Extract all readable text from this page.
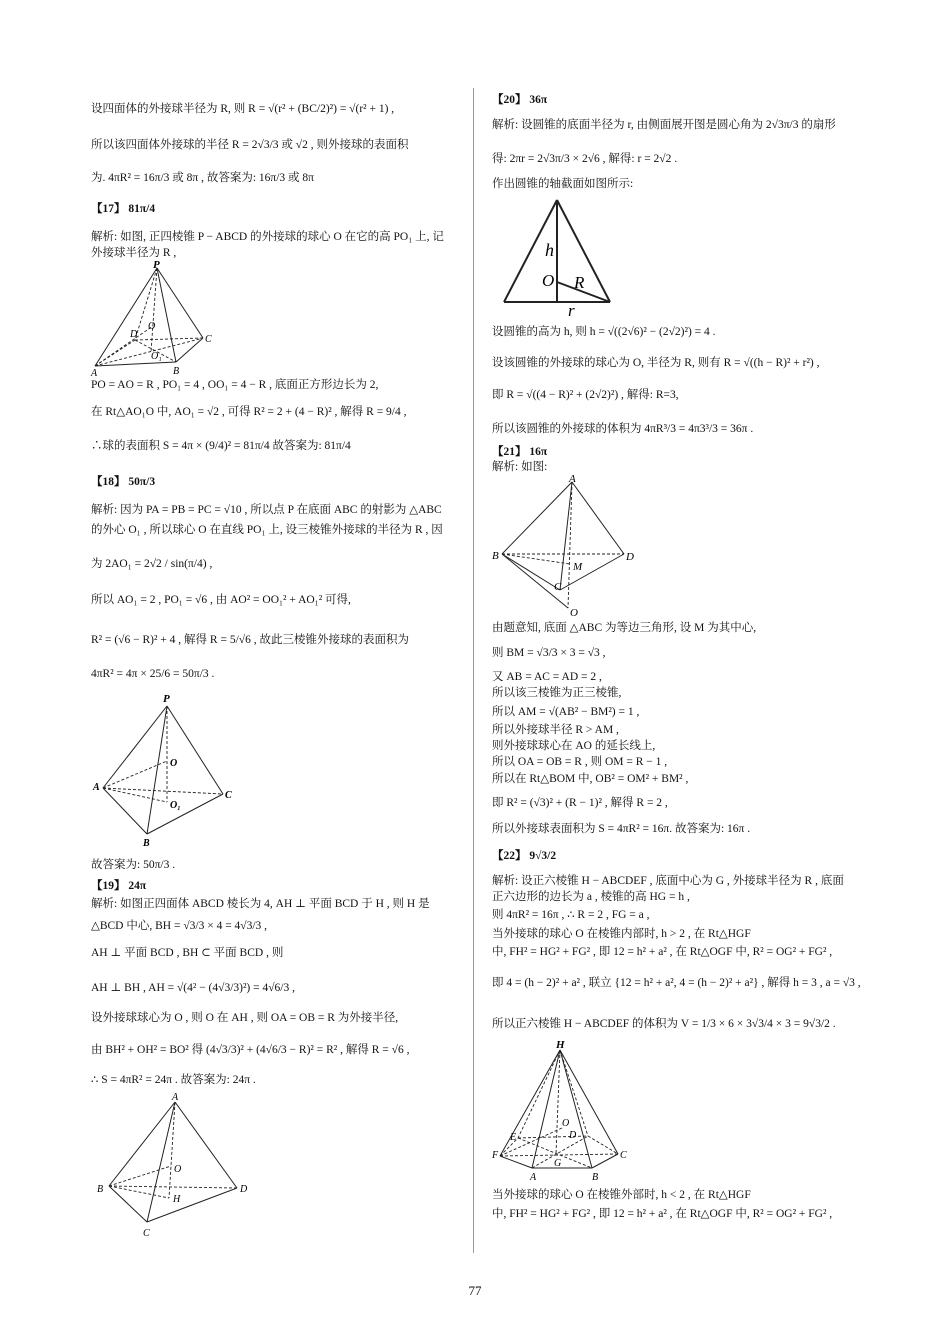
设四面体的外接球半径为 R, 则 R = √(r² + (BC/2)²) = √(r² + 1) ,
所以该四面体外接球的半径 R = 2√3/3 或 √2 , 则外接球的表面积
为. 4πR² = 16π/3 或 8π , 故答案为: 16π/3 或 8π
【17】 81π/4
解析: 如图, 正四棱锥 P − ABCD 的外接球的球心 O 在它的高 PO₁ 上, 记
外接球半径为 R ,
P
O
D	C
O₁
A	B
PO = AO = R , PO₁ = 4 , OO₁ = 4 − R , 底面正方形边长为 2,
在 Rt△AO₁O 中, AO₁ = √2 , 可得 R² = 2 + (4 − R)² , 解得 R = 9/4 ,
∴球的表面积 S = 4π × (9/4)² = 81π/4 故答案为: 81π/4
【18】 50π/3
解析: 因为 PA = PB = PC = √10 , 所以点 P 在底面 ABC 的射影为 △ABC
的外心 O₁ , 所以球心 O 在直线 PO₁ 上, 设三棱锥外接球的半径为 R , 因
为 2AO₁ = 2√2 / sin(π/4) ,
所以 AO₁ = 2 , PO₁ = √6 , 由 AO² = OO₁² + AO₁² 可得,
R² = (√6 − R)² + 4 , 解得 R = 5/√6 , 故此三棱锥外接球的表面积为
4πR² = 4π × 25/6 = 50π/3 .
P
O
A
C
O₁
B
故答案为: 50π/3 .
【19】 24π
解析: 如图正四面体 ABCD 棱长为 4, AH ⊥ 平面 BCD 于 H , 则 H 是
△BCD 中心, BH = √3/3 × 4 = 4√3/3 ,
AH ⊥ 平面 BCD , BH ⊂ 平面 BCD , 则
AH ⊥ BH , AH = √(4² − (4√3/3)²) = 4√6/3 ,
设外接球球心为 O , 则 O 在 AH , 则 OA = OB = R 为外接半径,
由 BH² + OH² = BO² 得 (4√3/3)² + (4√6/3 − R)² = R² , 解得 R = √6 ,
∴ S = 4πR² = 24π . 故答案为: 24π .
A
O
B	D
H
C
【20】 36π
解析: 设圆锥的底面半径为 r, 由侧面展开图是圆心角为 2√3π/3 的扇形
得: 2πr = 2√3π/3 × 2√6 , 解得: r = 2√2 .
作出圆锥的轴截面如图所示:
h
O R
r
设圆锥的高为 h, 则 h = √((2√6)² − (2√2)²) = 4 .
设该圆锥的外接球的球心为 O, 半径为 R, 则有 R = √((h − R)² + r²) ,
即 R = √((4 − R)² + (2√2)²) , 解得: R=3,
所以该圆锥的外接球的体积为 4πR³/3 = 4π3³/3 = 36π .
【21】 16π
解析: 如图:
A
B
M
D
C
O
由题意知, 底面 △ABC 为等边三角形, 设 M 为其中心,
则 BM = √3/3 × 3 = √3 ,
又 AB = AC = AD = 2 ,
所以该三棱锥为正三棱锥,
所以 AM = √(AB² − BM²) = 1 ,
所以外接球半径 R > AM ,
则外接球球心在 AO 的延长线上,
所以 OA = OB = R , 则 OM = R − 1 ,
所以在 Rt△BOM 中, OB² = OM² + BM² ,
即 R² = (√3)² + (R − 1)² , 解得 R = 2 ,
所以外接球表面积为 S = 4πR² = 16π. 故答案为: 16π .
【22】 9√3/2
解析: 设正六棱锥 H − ABCDEF , 底面中心为 G , 外接球半径为 R , 底面
正六边形的边长为 a , 棱锥的高 HG = h ,
则 4πR² = 16π , ∴ R = 2 , FG = a ,
当外接球的球心 O 在棱锥内部时, h > 2 , 在 Rt△HGF
中, FH² = HG² + FG² , 即 12 = h² + a² , 在 Rt△OGF 中, R² = OG² + FG² ,
即 4 = (h − 2)² + a² , 联立 {12 = h² + a², 4 = (h − 2)² + a²} , 解得 h = 3 , a = √3 ,
所以正六棱锥 H − ABCDEF 的体积为 V = 1/3 × 6 × 3√3/4 × 3 = 9√3/2 .
H
O
E	D
F	C
G
A	B
当外接球的球心 O 在棱锥外部时, h < 2 , 在 Rt△HGF
中, FH² = HG² + FG² , 即 12 = h² + a² , 在 Rt△OGF 中, R² = OG² + FG² ,
77
